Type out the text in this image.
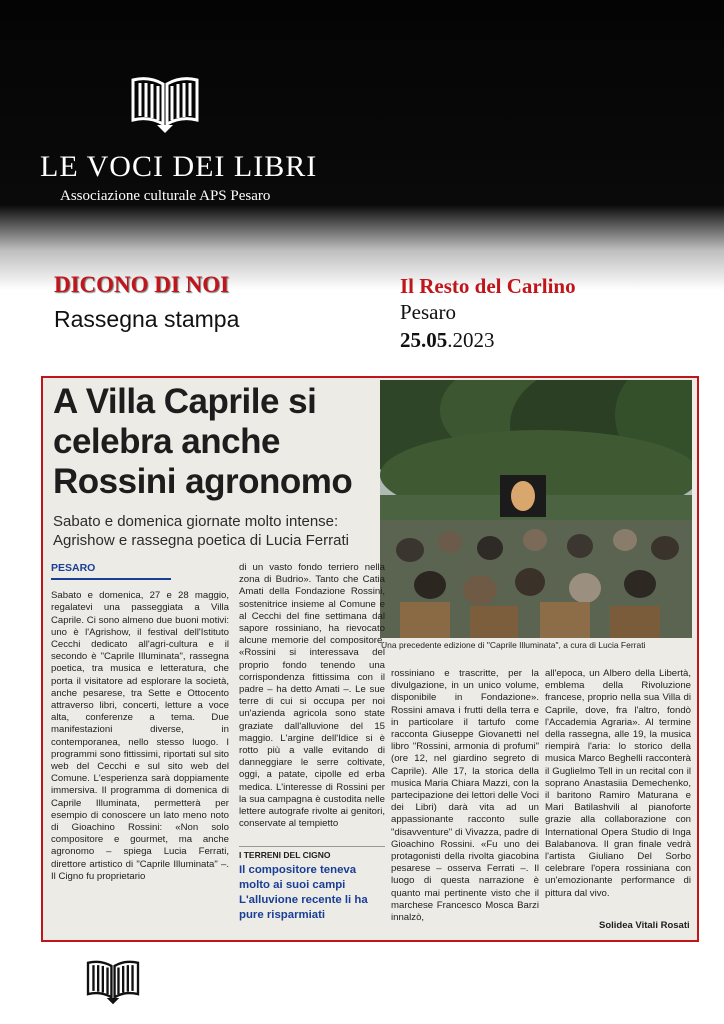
LE VOCI DEI LIBRI
Associazione culturale APS Pesaro
DICONO DI NOI
Rassegna stampa
Il Resto del Carlino
Pesaro
25.05.2023
A Villa Caprile si celebra anche Rossini agronomo
Sabato e domenica giornate molto intense: Agrishow e rassegna poetica di Lucia Ferrati
Una precedente edizione di "Caprile Illuminata", a cura di Lucia Ferrati
PESARO

Sabato e domenica, 27 e 28 maggio, regalatevi una passeggiata a Villa Caprile. Ci sono almeno due buoni motivi: uno è l'Agrishow, il festival dell'Istituto Cecchi dedicato all'agri-cultura e il secondo è "Caprile Illuminata", rassegna poetica, tra musica e letteratura, che porta il visitatore ad esplorare la società, anche pesarese, tra Sette e Ottocento attraverso libri, concerti, letture a voce alta, conferenze a tema. Due manifestazioni diverse, in contemporanea, nello stesso luogo. I programmi sono fittissimi, riportati sul sito web del Cecchi e sul sito web del Comune. L'esperienza sarà doppiamente immersiva. Il programma di domenica di Caprile Illuminata, permetterà per esempio di conoscere un lato meno noto di Gioachino Rossini: «Non solo compositore e gourmet, ma anche agronomo – spiega Lucia Ferrati, direttore artistico di "Caprile Illuminata" –. Il Cigno fu proprietario

di un vasto fondo terriero nella zona di Budrio». Tanto che Catia Amati della Fondazione Rossini, sostenitrice insieme al Comune e al Cecchi del fine settimana dal sapore rossiniano, ha rievocato alcune memorie del compositore. «Rossini si interessava del proprio fondo tenendo una corrispondenza fittissima con il padre – ha detto Amati –. Le sue terre di cui si occupa per noi un'azienda agricola sono state graziate dall'alluvione del 15 maggio. L'argine dell'Idice si è rotto più a valle evitando di danneggiare le serre coltivate, oggi, a patate, cipolle ed erba medica. L'interesse di Rossini per la sua campagna è custodita nelle lettere autografe rivolte ai genitori, conservate al tempietto

I TERRENI DEL CIGNO
Il compositore teneva molto ai suoi campi L'alluvione recente li ha pure risparmiati

rossiniano e trascritte, per la divulgazione, in un unico volume, disponibile in Fondazione». Rossini amava i frutti della terra e in particolare il tartufo come racconta Giuseppe Giovanetti nel libro "Rossini, armonia di profumi" (ore 12, nel giardino segreto di Caprile). Alle 17, la storica della musica Maria Chiara Mazzi, con la partecipazione dei lettori delle Voci dei Libri) darà vita ad un appassionante racconto sulle "disavventure" di Vivazza, padre di Gioachino Rossini. «Fu uno dei protagonisti della rivolta giacobina pesarese – osserva Ferrati –. Il luogo di questa narrazione è quanto mai pertinente visto che il marchese Francesco Mosca Barzi innalzò,

all'epoca, un Albero della Libertà, emblema della Rivoluzione francese, proprio nella sua Villa di Caprile, dove, fra l'altro, fondò l'Accademia Agraria». Al termine della rassegna, alle 19, la musica riempirà l'aria: lo storico della musica Marco Beghelli racconterà il Guglielmo Tell in un recital con il soprano Anastasiia Demechenko, il baritono Ramiro Maturana e Mari Batilashvili al pianoforte grazie alla collaborazione con International Opera Studio di Inga Balabanova. Il gran finale vedrà l'artista Giuliano Del Sorbo celebrare l'opera rossiniana con un'emozionante performance di pittura dal vivo.

Solidea Vitali Rosati
